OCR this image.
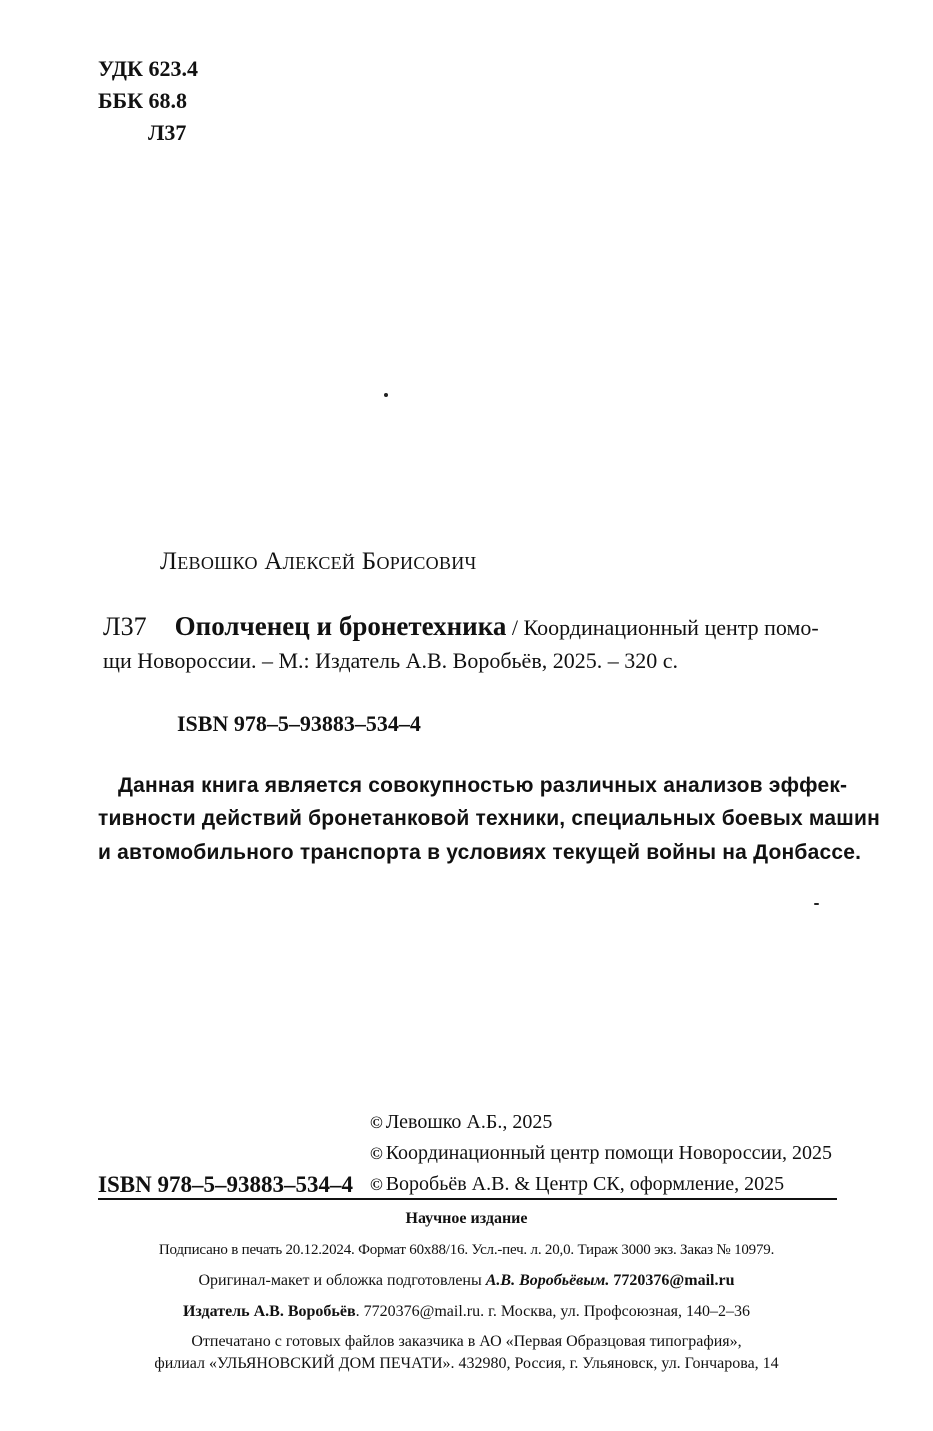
УДК 623.4
ББК 68.8
Л37
Левошко Алексей Борисович
Л37 Ополченец и бронетехника / Координационный центр помо-
щи Новороссии. – М.: Издатель А.В. Воробьёв, 2025. – 320 с.
ISBN 978–5–93883–534–4
Данная книга является совокупностью различных анализов эффек-
тивности действий бронетанковой техники, специальных боевых машин
и автомобильного транспорта в условиях текущей войны на Донбассе.
© Левошко А.Б., 2025
© Координационный центр помощи Новороссии, 2025
ISBN 978–5–93883–534–4 © Воробьёв А.В. & Центр СК, оформление, 2025
Научное издание
Подписано в печать 20.12.2024. Формат 60х88/16. Усл.-печ. л. 20,0. Тираж 3000 экз. Заказ № 10979.
Оригинал-макет и обложка подготовлены А.В. Воробьёвым. 7720376@mail.ru
Издатель А.В. Воробьёв. 7720376@mail.ru. г. Москва, ул. Профсоюзная, 140–2–36
Отпечатано с готовых файлов заказчика в АО «Первая Образцовая типография»,
филиал «УЛЬЯНОВСКИЙ ДОМ ПЕЧАТИ». 432980, Россия, г. Ульяновск, ул. Гончарова, 14
